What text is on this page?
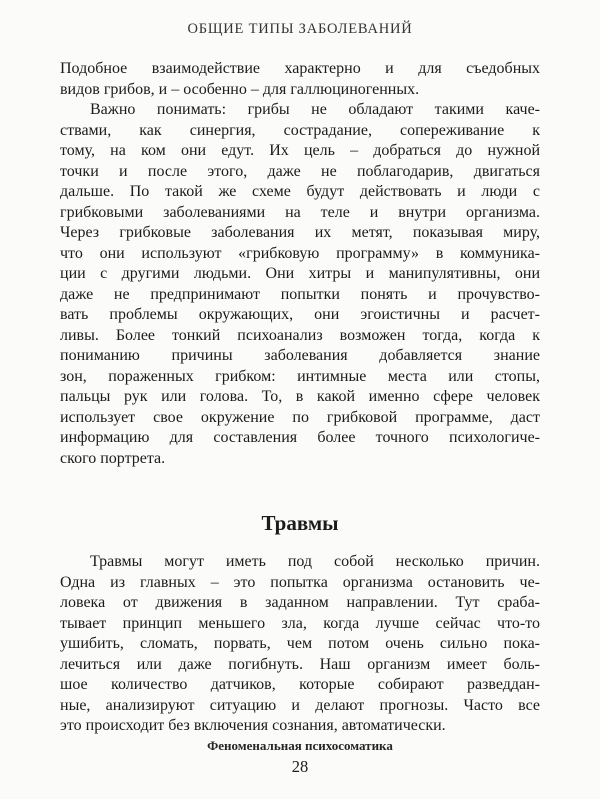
ОБЩИЕ ТИПЫ ЗАБОЛЕВАНИЙ
Подобное взаимодействие характерно и для съедобных
видов грибов, и – особенно – для галлюциногенных.
Важно понимать: грибы не обладают такими каче-
ствами, как синергия, сострадание, сопереживание к
тому, на ком они едут. Их цель – добраться до нужной
точки и после этого, даже не поблагодарив, двигаться
дальше. По такой же схеме будут действовать и люди с
грибковыми заболеваниями на теле и внутри организма.
Через грибковые заболевания их метят, показывая миру,
что они используют «грибковую программу» в коммуника-
ции с другими людьми. Они хитры и манипулятивны, они
даже не предпринимают попытки понять и прочувство-
вать проблемы окружающих, они эгоистичны и расчет-
ливы. Более тонкий психоанализ возможен тогда, когда к
пониманию причины заболевания добавляется знание
зон, пораженных грибком: интимные места или стопы,
пальцы рук или голова. То, в какой именно сфере человек
использует свое окружение по грибковой программе, даст
информацию для составления более точного психологиче-
ского портрета.
Травмы
Травмы могут иметь под собой несколько причин.
Одна из главных – это попытка организма остановить че-
ловека от движения в заданном направлении. Тут сраба-
тывает принцип меньшего зла, когда лучше сейчас что-то
ушибить, сломать, порвать, чем потом очень сильно пока-
лечиться или даже погибнуть. Наш организм имеет боль-
шое количество датчиков, которые собирают разведдан-
ные, анализируют ситуацию и делают прогнозы. Часто все
это происходит без включения сознания, автоматически.
Феноменальная психосоматика
28
